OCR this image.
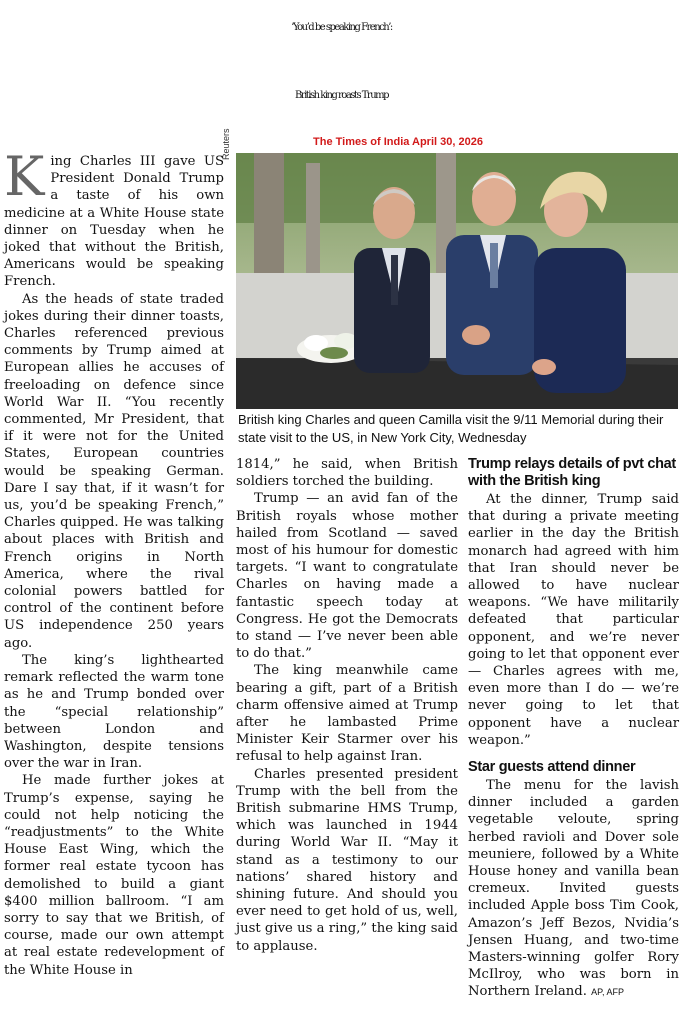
‘You’d be speaking French’:
British king roasts Trump
The Times of India April 30, 2026
Reuters
British king Charles and queen Camilla visit the 9/11 Memorial during their state visit to the US, in New York City, Wednesday

King Charles III gave US President Donald Trump a taste of his own medicine at a White House state dinner on Tuesday when he joked that without the British, Americans would be speaking French.

As the heads of state traded jokes during their dinner toasts, Charles referenced previous comments by Trump aimed at European allies he accuses of freeloading on defence since World War II. “You recently commented, Mr President, that if it were not for the United States, European countries would be speaking German. Dare I say that, if it wasn’t for us, you’d be speaking French,” Charles quipped. He was talking about places with British and French origins in North America, where the rival colonial powers battled for control of the continent before US independence 250 years ago.

The king’s lighthearted remark reflected the warm tone as he and Trump bonded over the “special relationship” between London and Washington, despite tensions over the war in Iran.

He made further jokes at Trump’s expense, saying he could not help noticing the “readjustments” to the White House East Wing, which the former real estate tycoon has demolished to build a giant $400 million ballroom. “I am sorry to say that we British, of course, made our own attempt at real estate redevelopment of the White House in

1814,” he said, when British soldiers torched the building.

Trump — an avid fan of the British royals whose mother hailed from Scotland — saved most of his humour for domestic targets. “I want to congratulate Charles on having made a fantastic speech today at Congress. He got the Democrats to stand — I’ve never been able to do that.”

The king meanwhile came bearing a gift, part of a British charm offensive aimed at Trump after he lambasted Prime Minister Keir Starmer over his refusal to help against Iran.

Charles presented president Trump with the bell from the British submarine HMS Trump, which was launched in 1944 during World War II. “May it stand as a testimony to our nations’ shared history and shining future. And should you ever need to get hold of us, well, just give us a ring,” the king said to applause.

Trump relays details of pvt chat with the British king

At the dinner, Trump said that during a private meeting earlier in the day the British monarch had agreed with him that Iran should never be allowed to have nuclear weapons. “We have militarily defeated that particular opponent, and we’re never going to let that opponent ever — Charles agrees with me, even more than I do — we’re never going to let that opponent have a nuclear weapon.”

Star guests attend dinner

The menu for the lavish dinner included a garden vegetable veloute, spring herbed ravioli and Dover sole meuniere, followed by a White House honey and vanilla bean cremeux. Invited guests included Apple boss Tim Cook, Amazon’s Jeff Bezos, Nvidia’s Jensen Huang, and two-time Masters-winning golfer Rory McIlroy, who was born in Northern Ireland. AP, AFP
